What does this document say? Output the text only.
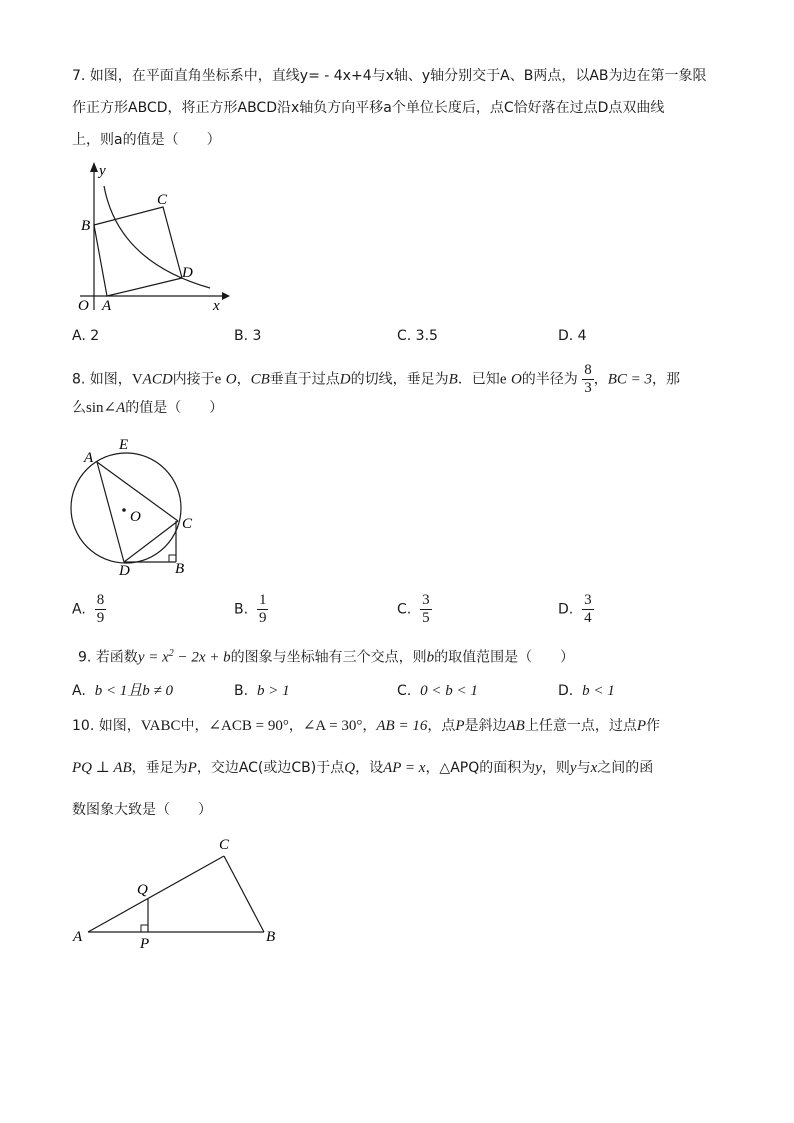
7. 如图，在平面直角坐标系中，直线y= - 4x+4与x轴、y轴分别交于A、B两点，以AB为边在第一象限
作正方形ABCD，将正方形ABCD沿x轴负方向平移a个单位长度后，点C恰好落在过点D点双曲线
上，则a的值是（　　）
y
x
O A
B
C
D
A. 2	B. 3	C. 3.5	D. 4
8. 如图，VACD内接于e O，CB垂直于过点D的切线，垂足为B．已知e O的半径为 $\frac{8}{3}$ ，BC = 3，那
么sin∠A的值是（　　）
A
E
O	C
D	B
A. $\frac{8}{9}$	B. $\frac{1}{9}$	C. $\frac{3}{5}$	D. $\frac{3}{4}$
9. 若函数$y = x^2 - 2x + b$的图象与坐标轴有三个交点，则b的取值范围是（　　）
A. b < 1且b ≠ 0	B. b > 1	C. 0 < b < 1	D. b < 1
10. 如图，VABC中，∠ACB = 90°，∠A = 30°，AB = 16，点P是斜边AB上任意一点，过点P作
PQ ⊥ AB，垂足为P，交边AC(或边CB)于点Q，设AP = x，△APQ的面积为y，则y与x之间的函
数图象大致是（　　）
A	B
C
P
Q
